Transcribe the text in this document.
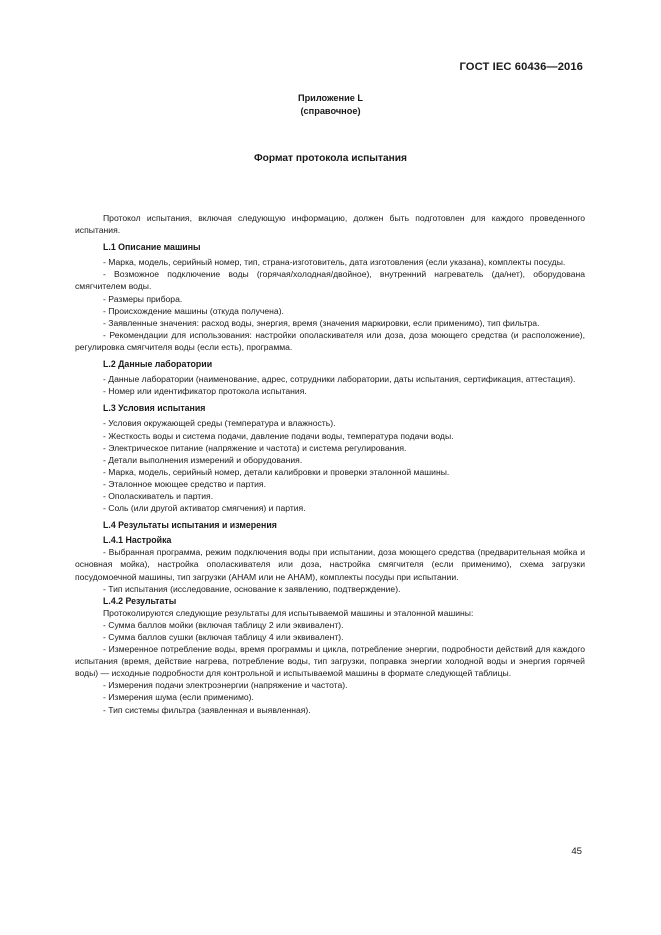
ГОСТ IEC 60436—2016
Приложение L
(справочное)
Формат протокола испытания

Протокол испытания, включая следующую информацию, должен быть подготовлен для каждого проведенного испытания.

L.1 Описание машины

- Марка, модель, серийный номер, тип, страна-изготовитель, дата изготовления (если указана), комплекты посуды.

- Возможное подключение воды (горячая/холодная/двойное), внутренний нагреватель (да/нет), оборудована смягчителем воды.

- Размеры прибора.

- Происхождение машины (откуда получена).

- Заявленные значения: расход воды, энергия, время (значения маркировки, если применимо), тип фильтра.

- Рекомендации для использования: настройки ополаскивателя или доза, доза моющего средства (и расположение), регулировка смягчителя воды (если есть), программа.

L.2 Данные лаборатории

- Данные лаборатории (наименование, адрес, сотрудники лаборатории, даты испытания, сертификация, аттестация).

- Номер или идентификатор протокола испытания.

L.3 Условия испытания

- Условия окружающей среды (температура и влажность).

- Жесткость воды и система подачи, давление подачи воды, температура подачи воды.

- Электрическое питание (напряжение и частота) и система регулирования.

- Детали выполнения измерений и оборудования.

- Марка, модель, серийный номер, детали калибровки и проверки эталонной машины.

- Эталонное моющее средство и партия.

- Ополаскиватель и партия.

- Соль (или другой активатор смягчения) и партия.

L.4 Результаты испытания и измерения
L.4.1 Настройка

- Выбранная программа, режим подключения воды при испытании, доза моющего средства (предварительная мойка и основная мойка), настройка ополаскивателя или доза, настройка смягчителя (если применимо), схема загрузки посудомоечной машины, тип загрузки (AHAM или не AHAM), комплекты посуды при испытании.

- Тип испытания (исследование, основание к заявлению, подтверждение).

L.4.2 Результаты

Протоколируются следующие результаты для испытываемой машины и эталонной машины:

- Сумма баллов мойки (включая таблицу 2 или эквивалент).

- Сумма баллов сушки (включая таблицу 4 или эквивалент).

- Измеренное потребление воды, время программы и цикла, потребление энергии, подробности действий для каждого испытания (время, действие нагрева, потребление воды, тип загрузки, поправка энергии холодной воды и энергия горячей воды) — исходные подробности для контрольной и испытываемой машины в формате следующей таблицы.

- Измерения подачи электроэнергии (напряжение и частота).

- Измерения шума (если применимо).

- Тип системы фильтра (заявленная и выявленная).

45
